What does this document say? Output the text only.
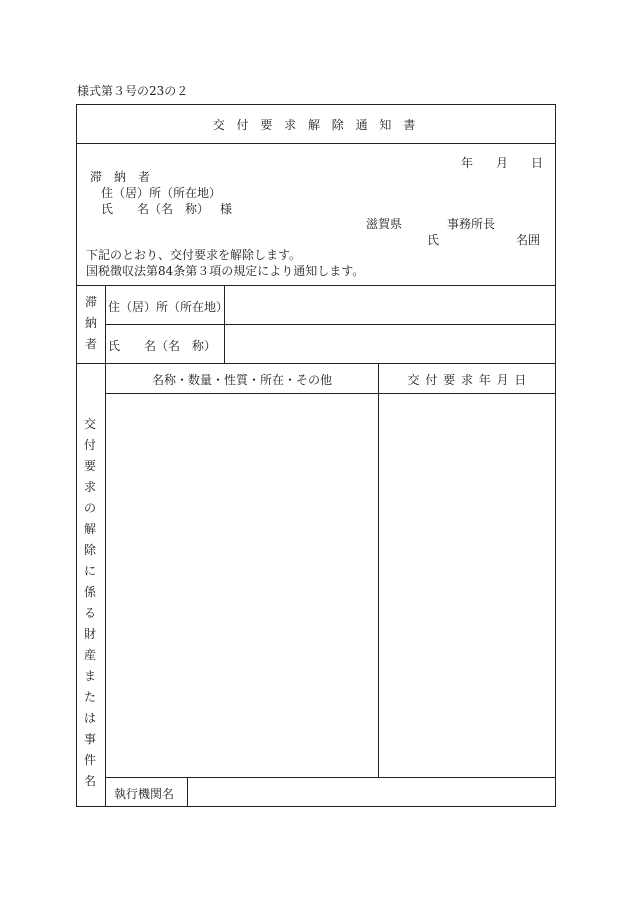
様式第３号の23の２
交 付 要 求 解 除 通 知 書
年 月 日
滞　納　者
住（居）所（所在地）
氏　　名（名　称） 様
滋賀県	事務所長
氏	名囲
下記のとおり、交付要求を解除します。
国税徴収法第84条第３項の規定により通知します。
滞
納
者
住（居）所（所在地）
氏　　名（名　称）
交
付
要
求
の
解
除
に
係
る
財
産
ま
た
は
事
件
名
名称・数量・性質・所在・その他	交 付 要 求 年 月 日
執行機関名
